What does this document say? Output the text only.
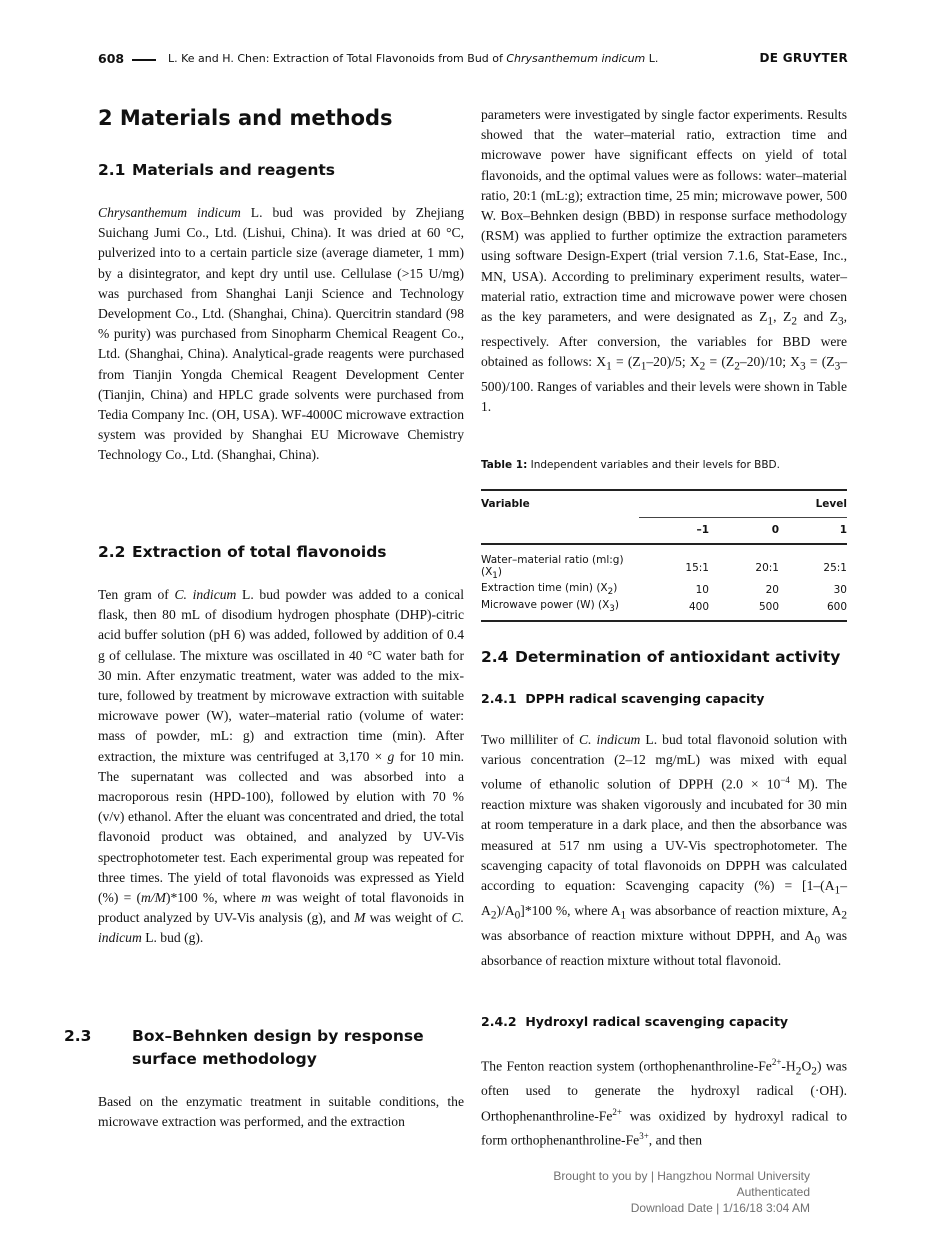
608	L. Ke and H. Chen: Extraction of Total Flavonoids from Bud of Chrysanthemum indicum L.	DE GRUYTER
2 Materials and methods
2.1 Materials and reagents
Chrysanthemum indicum L. bud was provided by Zhejiang Suichang Jumi Co., Ltd. (Lishui, China). It was dried at 60 °C, pulverized into to a certain particle size (average diameter, 1 mm) by a disintegrator, and kept dry until use. Cellulase (>15 U/mg) was purchased from Shanghai Lanji Science and Technology Development Co., Ltd. (Shanghai, China). Quercitrin standard (98 % purity) was purchased from Sinopharm Chemical Reagent Co., Ltd. (Shanghai, China). Analytical-grade reagents were purchased from Tianjin Yongda Chemical Reagent Development Center (Tianjin, China) and HPLC grade solvents were purchased from Tedia Company Inc. (OH, USA). WF-4000C microwave extraction system was provided by Shanghai EU Microwave Chemistry Technology Co., Ltd. (Shanghai, China).
2.2 Extraction of total flavonoids
Ten gram of C. indicum L. bud powder was added to a conical flask, then 80 mL of disodium hydrogen phosphate (DHP)-citric acid buffer solution (pH 6) was added, followed by addition of 0.4 g of cellulase. The mixture was oscillated in 40 °C water bath for 30 min. After enzymatic treatment, water was added to the mixture, followed by treatment by microwave extraction with suitable microwave power (W), water–material ratio (volume of water: mass of powder, mL: g) and extraction time (min). After extraction, the mixture was centrifuged at 3,170 × g for 10 min. The supernatant was collected and was absorbed into a macroporous resin (HPD-100), followed by elution with 70 % (v/v) ethanol. After the eluant was concentrated and dried, the total flavonoid product was obtained, and analyzed by UV-Vis spectrophotometer test. Each experimental group was repeated for three times. The yield of total flavonoids was expressed as Yield (%) = (m/M)*100 %, where m was weight of total flavonoids in product analyzed by UV-Vis analysis (g), and M was weight of C. indicum L. bud (g).
2.3	Box–Behnken design by response surface methodology
Based on the enzymatic treatment in suitable conditions, the microwave extraction was performed, and the extraction
parameters were investigated by single factor experiments. Results showed that the water–material ratio, extraction time and microwave power have significant effects on yield of total flavonoids, and the optimal values were as follows: water–material ratio, 20:1 (mL:g); extraction time, 25 min; microwave power, 500 W. Box–Behnken design (BBD) in response surface methodology (RSM) was applied to further optimize the extraction parameters using software Design-Expert (trial version 7.1.6, Stat-Ease, Inc., MN, USA). According to preliminary experiment results, water–material ratio, extraction time and microwave power were chosen as the key parameters, and were designated as $Z_1$, $Z_2$ and $Z_3$, respectively. After conversion, the variables for BBD were obtained as follows: $X_1 = (Z_1-20)/5$; $X_2 = (Z_2-20)/10$; $X_3 = (Z_3-500)/100$. Ranges of variables and their levels were shown in Table 1.
Table 1: Independent variables and their levels for BBD.
Variable			Level
	–1	0	1
Water–material ratio (ml:g) $(X_1)$	15:1	20:1	25:1
Extraction time (min) $(X_2)$	10	20	30
Microwave power (W) $(X_3)$	400	500	600
2.4 Determination of antioxidant activity
2.4.1 DPPH radical scavenging capacity
Two milliliter of C. indicum L. bud total flavonoid solution with various concentration (2–12 mg/mL) was mixed with equal volume of ethanolic solution of DPPH ($2.0 \times 10^{-4}$ M). The reaction mixture was shaken vigorously and incubated for 30 min at room temperature in a dark place, and then the absorbance was measured at 517 nm using a UV-Vis spectrophotometer. The scavenging capacity of total flavonoids on DPPH was calculated according to equation: Scavenging capacity (%) = $[1-(A_1-A_2)/A_0]*100$ %, where $A_1$ was absorbance of reaction mixture, $A_2$ was absorbance of reaction mixture without DPPH, and $A_0$ was absorbance of reaction mixture without total flavonoid.
2.4.2 Hydroxyl radical scavenging capacity
The Fenton reaction system $(orthophenanthroline-Fe^{2+}-H_2O_2)$ was often used to generate the hydroxyl radical (·OH). Orthophenanthroline-$Fe^{2+}$ was oxidized by hydroxyl radical to form orthophenanthroline-$Fe^{3+}$, and then
Brought to you by | Hangzhou Normal University
Authenticated
Download Date | 1/16/18 3:04 AM
